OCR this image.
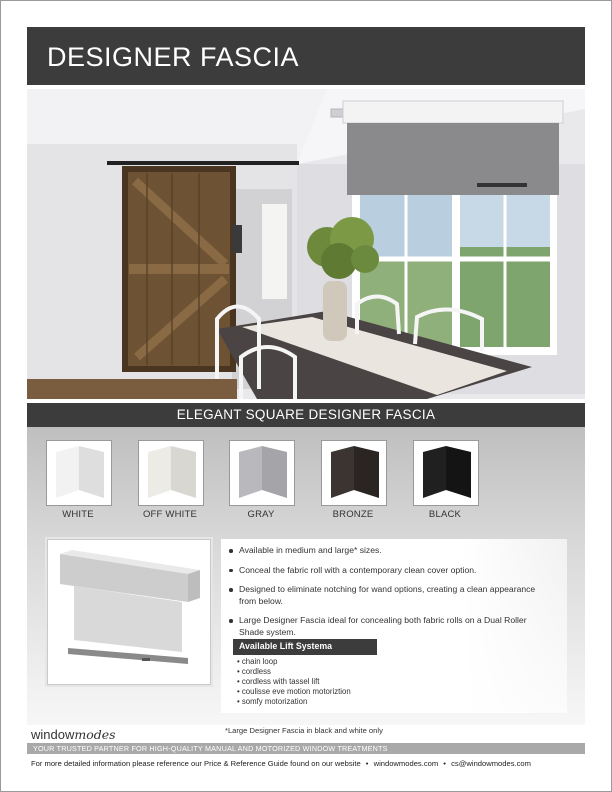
DESIGNER FASCIA
ELEGANT SQUARE DESIGNER FASCIA
WHITE	OFF WHITE	GRAY	BRONZE	BLACK
Available in medium and large* sizes.
Conceal the fabric roll with a contemporary clean cover option.
Designed to eliminate notching for wand options, creating a clean appearance from below.
Large Designer Fascia ideal for concealing both fabric rolls on a Dual Roller Shade system.
Available Lift Systema
• chain loop
• cordless
• cordless with tassel lift
• coulisse eve motion motoriztion
• somfy motorization
*Large Designer Fascia in black and white only
windowmodes
YOUR TRUSTED PARTNER FOR HIGH-QUALITY MANUAL AND MOTORIZED WINDOW TREATMENTS
For more detailed information please reference our Price & Reference Guide found on our website • windowmodes.com • cs@windowmodes.com
